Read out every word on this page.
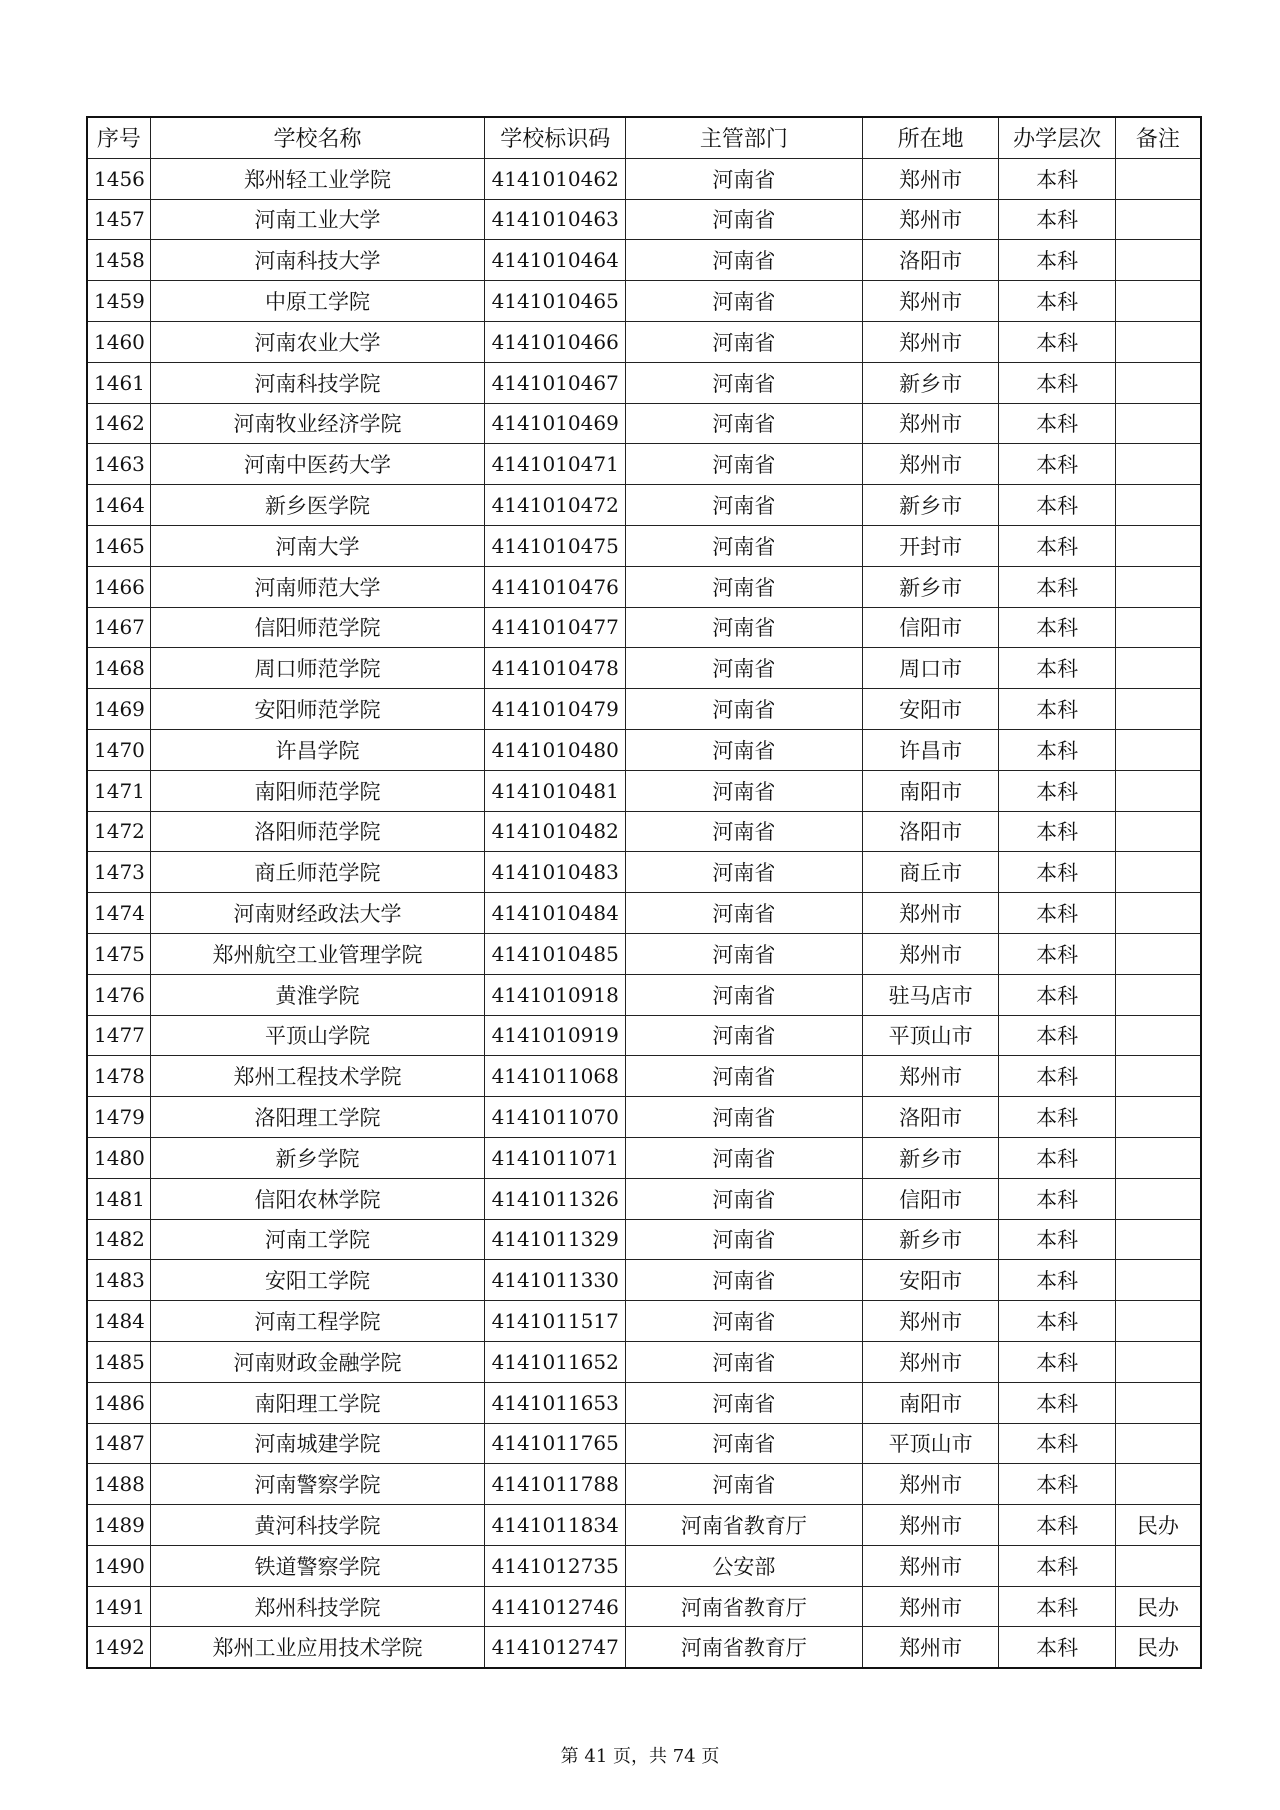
序号	学校名称	学校标识码	主管部门	所在地	办学层次	备注
1456	郑州轻工业学院	4141010462	河南省	郑州市	本科	
1457	河南工业大学	4141010463	河南省	郑州市	本科	
1458	河南科技大学	4141010464	河南省	洛阳市	本科	
1459	中原工学院	4141010465	河南省	郑州市	本科	
1460	河南农业大学	4141010466	河南省	郑州市	本科	
1461	河南科技学院	4141010467	河南省	新乡市	本科	
1462	河南牧业经济学院	4141010469	河南省	郑州市	本科	
1463	河南中医药大学	4141010471	河南省	郑州市	本科	
1464	新乡医学院	4141010472	河南省	新乡市	本科	
1465	河南大学	4141010475	河南省	开封市	本科	
1466	河南师范大学	4141010476	河南省	新乡市	本科	
1467	信阳师范学院	4141010477	河南省	信阳市	本科	
1468	周口师范学院	4141010478	河南省	周口市	本科	
1469	安阳师范学院	4141010479	河南省	安阳市	本科	
1470	许昌学院	4141010480	河南省	许昌市	本科	
1471	南阳师范学院	4141010481	河南省	南阳市	本科	
1472	洛阳师范学院	4141010482	河南省	洛阳市	本科	
1473	商丘师范学院	4141010483	河南省	商丘市	本科	
1474	河南财经政法大学	4141010484	河南省	郑州市	本科	
1475	郑州航空工业管理学院	4141010485	河南省	郑州市	本科	
1476	黄淮学院	4141010918	河南省	驻马店市	本科	
1477	平顶山学院	4141010919	河南省	平顶山市	本科	
1478	郑州工程技术学院	4141011068	河南省	郑州市	本科	
1479	洛阳理工学院	4141011070	河南省	洛阳市	本科	
1480	新乡学院	4141011071	河南省	新乡市	本科	
1481	信阳农林学院	4141011326	河南省	信阳市	本科	
1482	河南工学院	4141011329	河南省	新乡市	本科	
1483	安阳工学院	4141011330	河南省	安阳市	本科	
1484	河南工程学院	4141011517	河南省	郑州市	本科	
1485	河南财政金融学院	4141011652	河南省	郑州市	本科	
1486	南阳理工学院	4141011653	河南省	南阳市	本科	
1487	河南城建学院	4141011765	河南省	平顶山市	本科	
1488	河南警察学院	4141011788	河南省	郑州市	本科	
1489	黄河科技学院	4141011834	河南省教育厅	郑州市	本科	民办
1490	铁道警察学院	4141012735	公安部	郑州市	本科	
1491	郑州科技学院	4141012746	河南省教育厅	郑州市	本科	民办
1492	郑州工业应用技术学院	4141012747	河南省教育厅	郑州市	本科	民办
第 41 页，共 74 页
